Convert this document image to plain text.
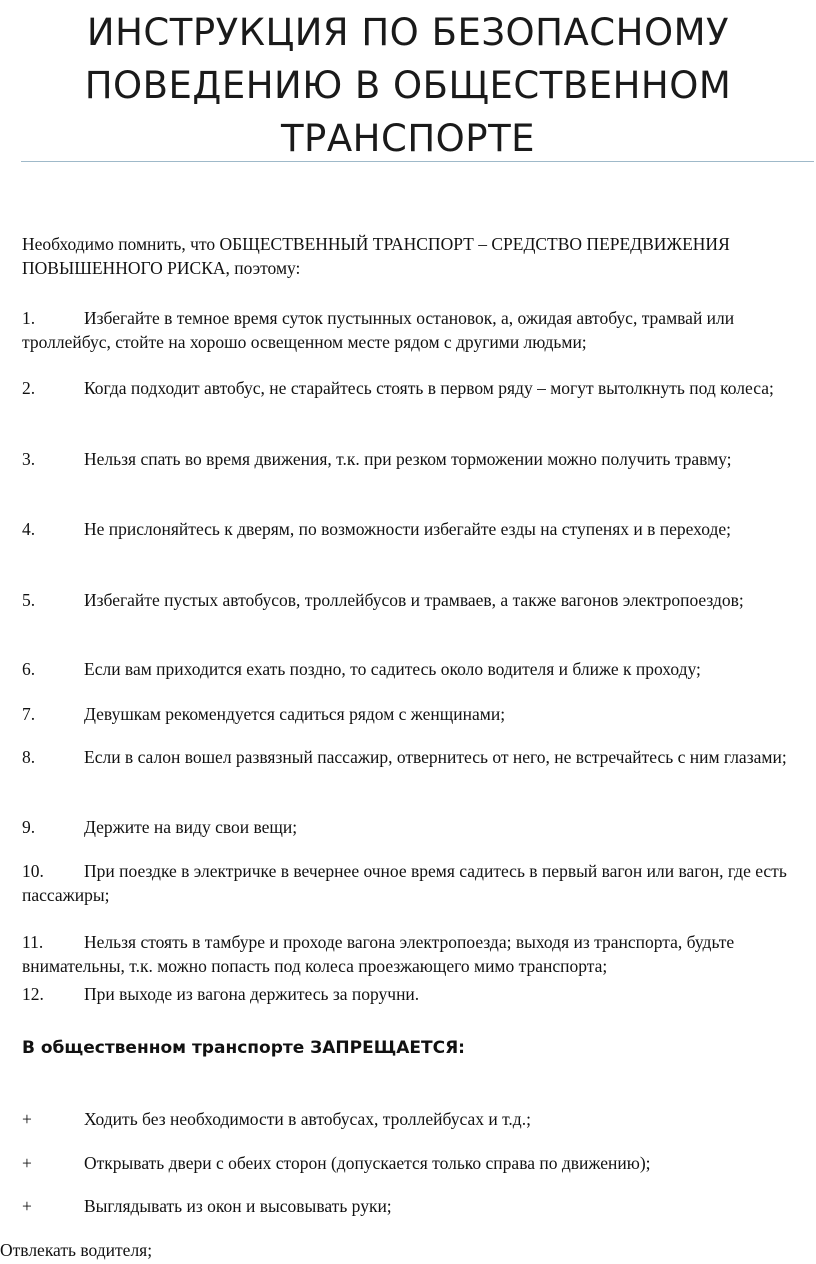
ИНСТРУКЦИЯ ПО БЕЗОПАСНОМУ ПОВЕДЕНИЮ В ОБЩЕСТВЕННОМ ТРАНСПОРТЕ

Необходимо помнить, что ОБЩЕСТВЕННЫЙ ТРАНСПОРТ – СРЕДСТВО ПЕРЕДВИЖЕНИЯ ПОВЫШЕННОГО РИСКА, поэтому:

1.	Избегайте в темное время суток пустынных остановок, а, ожидая автобус, трамвай или троллейбус, стойте на хорошо освещенном месте рядом с другими людьми;

2.	Когда подходит автобус, не старайтесь стоять в первом ряду – могут вытолкнуть под колеса;

3.	Нельзя спать во время движения, т.к. при резком торможении можно получить травму;

4.	Не прислоняйтесь к дверям, по возможности избегайте езды на ступенях и в переходе;

5.	Избегайте пустых автобусов, троллейбусов и трамваев, а также вагонов электропоездов;

6.	Если вам приходится ехать поздно, то садитесь около водителя и ближе к проходу;

7.	Девушкам рекомендуется садиться рядом с женщинами;

8.	Если в салон вошел развязный пассажир, отвернитесь от него, не встречайтесь с ним глазами;

9.	Держите на виду свои вещи;

10. При поездке в электричке в вечернее очное время садитесь в первый вагон или вагон, где есть пассажиры;

11. Нельзя стоять в тамбуре и проходе вагона электропоезда; выходя из транспорта, будьте внимательны, т.к. можно попасть под колеса проезжающего мимо транспорта;

12. При выходе из вагона держитесь за поручни.

В общественном транспорте ЗАПРЕЩАЕТСЯ:

+	Ходить без необходимости в автобусах, троллейбусах и т.д.;

+	Открывать двери с обеих сторон (допускается только справа по движению);

+	Выглядывать из окон и высовывать руки;

Отвлекать водителя;
